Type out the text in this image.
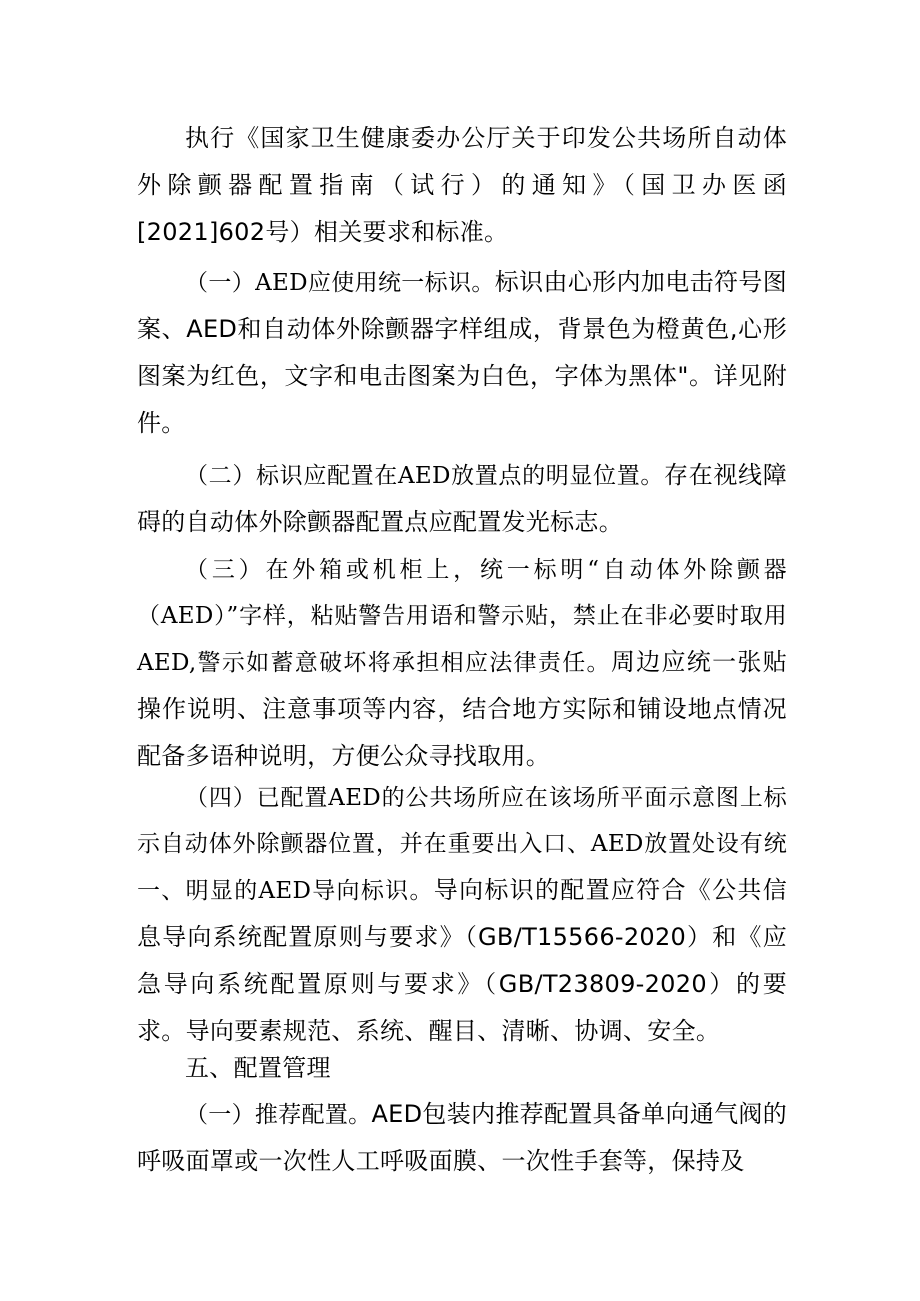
执行《国家卫生健康委办公厅关于印发公共场所自动体外除颤器配置指南（试行）的通知》（国卫办医函[2021]602号）相关要求和标准。

（一）AED应使用统一标识。标识由心形内加电击符号图案、AED和自动体外除颤器字样组成，背景色为橙黄色,心形图案为红色，文字和电击图案为白色，字体为黑体"。详见附件。

（二）标识应配置在AED放置点的明显位置。存在视线障碍的自动体外除颤器配置点应配置发光标志。

（三）在外箱或机柜上，统一标明“自动体外除颤器（AED）”字样，粘贴警告用语和警示贴，禁止在非必要时取用AED,警示如蓄意破坏将承担相应法律责任。周边应统一张贴操作说明、注意事项等内容，结合地方实际和铺设地点情况配备多语种说明，方便公众寻找取用。

（四）已配置AED的公共场所应在该场所平面示意图上标示自动体外除颤器位置，并在重要出入口、AED放置处设有统一、明显的AED导向标识。导向标识的配置应符合《公共信息导向系统配置原则与要求》（GB/T15566-2020）和《应急导向系统配置原则与要求》（GB/T23809-2020）的要求。导向要素规范、系统、醒目、清晰、协调、安全。

五、配置管理

（一）推荐配置。AED包装内推荐配置具备单向通气阀的呼吸面罩或一次性人工呼吸面膜、一次性手套等，保持及
